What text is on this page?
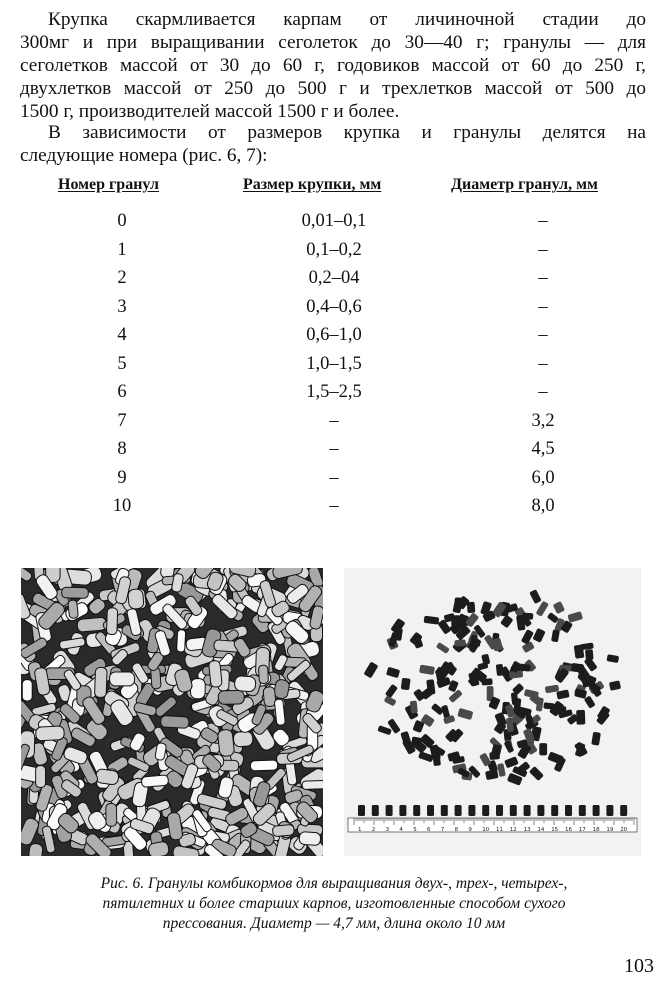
Крупка скармливается карпам от личиночной стадии до
300мг и при выращивании сеголеток до 30—40 г; гранулы — для
сеголетков массой от 30 до 60 г, годовиков массой от 60 до 250 г,
двухлетков массой от 250 до 500 г и трехлетков массой от 500 до
1500 г, производителей массой 1500 г и более.
В зависимости от размеров крупка и гранулы делятся на
следующие номера (рис. 6, 7):
Номер гранул	Размер крупки, мм	Диаметр гранул, мм
0	0,01–0,1	–
1	0,1–0,2	–
2	0,2–04	–
3	0,4–0,6	–
4	0,6–1,0	–
5	1,0–1,5	–
6	1,5–2,5	–
7	–	3,2
8	–	4,5
9	–	6,0
10	–	8,0
1 2 3 4 5 6 7 8 9 10 11 12 13 14 15 16 17 18 19 20
Рис. 6. Гранулы комбикормов для выращивания двух-, трех-, четырех-,
пятилетних и более старших карпов, изготовленные способом сухого
прессования. Диаметр — 4,7 мм, длина около 10 мм
103
